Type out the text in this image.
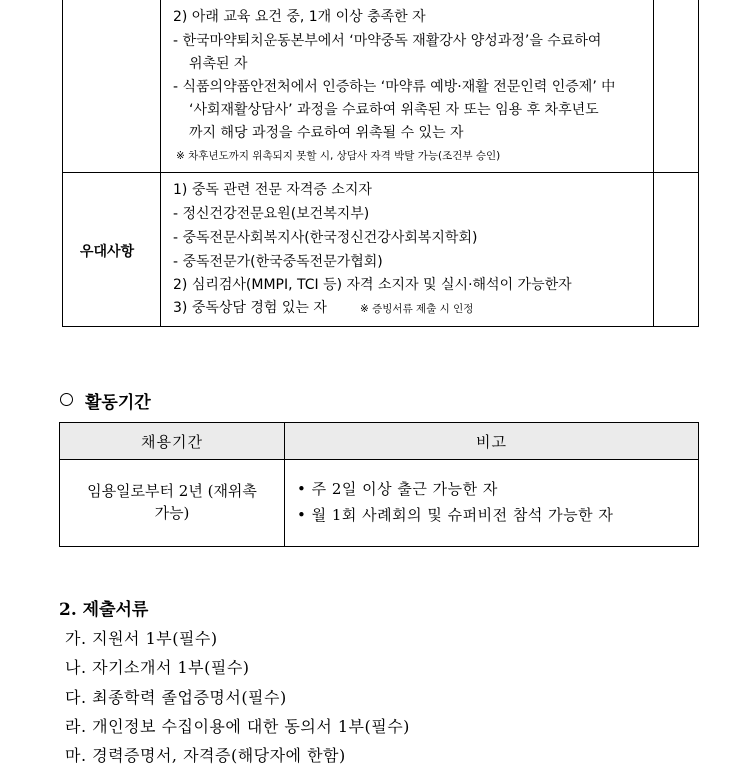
2) 아래 교육 요건 중, 1개 이상 충족한 자
- 한국마약퇴치운동본부에서 ‘마약중독 재활강사 양성과정’을 수료하여
위촉된 자
- 식품의약품안전처에서 인증하는 ‘마약류 예방·재활 전문인력 인증제’ 中
‘사회재활상담사’ 과정을 수료하여 위촉된 자 또는 임용 후 차후년도
까지 해당 과정을 수료하여 위촉될 수 있는 자
※ 차후년도까지 위촉되지 못할 시, 상담사 자격 박탈 가능(조건부 승인)
우대사항
1) 중독 관련 전문 자격증 소지자
- 정신건강전문요원(보건복지부)
- 중독전문사회복지사(한국정신건강사회복지학회)
- 중독전문가(한국중독전문가협회)
2) 심리검사(MMPI, TCI 등) 자격 소지자 및 실시·해석이 가능한자
3) 중독상담 경험 있는 자	※ 증빙서류 제출 시 인정
활동기간
채용기간	비고
임용일로부터 2년 (재위촉
가능)
• 주 2일 이상 출근 가능한 자
• 월 1회 사례회의 및 슈퍼비전 참석 가능한 자
2. 제출서류
가. 지원서 1부(필수)
나. 자기소개서 1부(필수)
다. 최종학력 졸업증명서(필수)
라. 개인정보 수집이용에 대한 동의서 1부(필수)
마. 경력증명서, 자격증(해당자에 한함)
